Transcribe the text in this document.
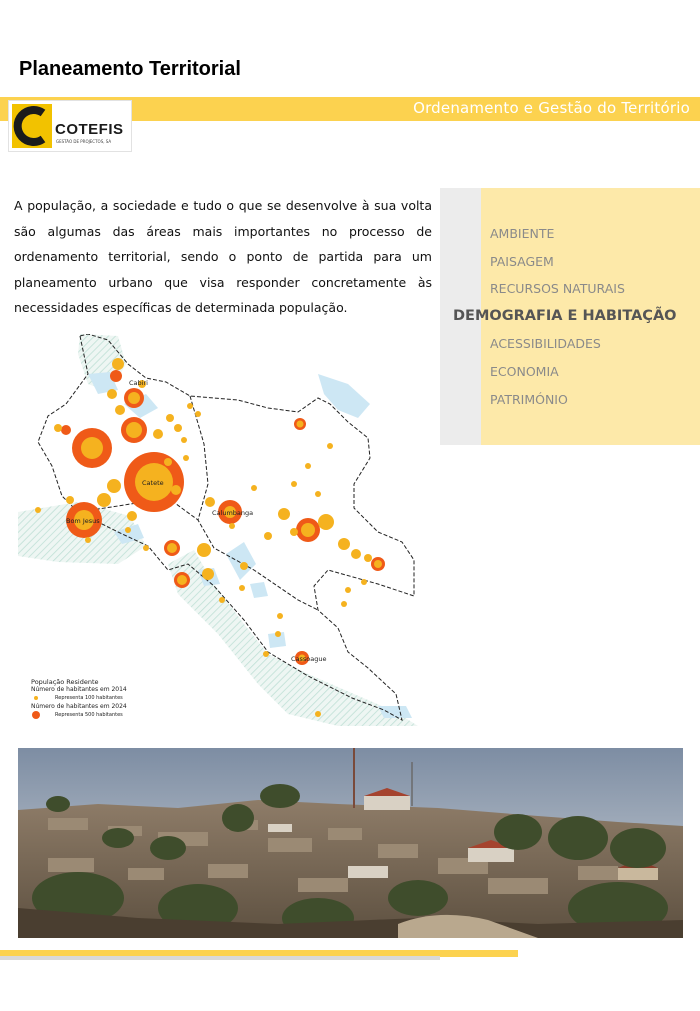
Planeamento Territorial
Ordenamento e Gestão do Território
COTEFIS
GESTÃO DE PROJECTOS, SA
A população, a sociedade e tudo o que se desenvolve à sua volta são algumas das áreas mais importantes no processo de ordenamento territorial, sendo o ponto de partida para um planeamento urbano que visa responder concretamente às necessidades específicas de determinada população.
AMBIENTE
PAISAGEM
RECURSOS NATURAIS
DEMOGRAFIA E HABITAÇÃO
ACESSIBILIDADES
ECONOMIA
PATRIMÓNIO
Cabiri
Catete
Bom Jesus
Calumbanga
Cassoague
População Residente
Número de habitantes em 2014
Representa 100 habitantes
Número de habitantes em 2024
Representa 500 habitantes
